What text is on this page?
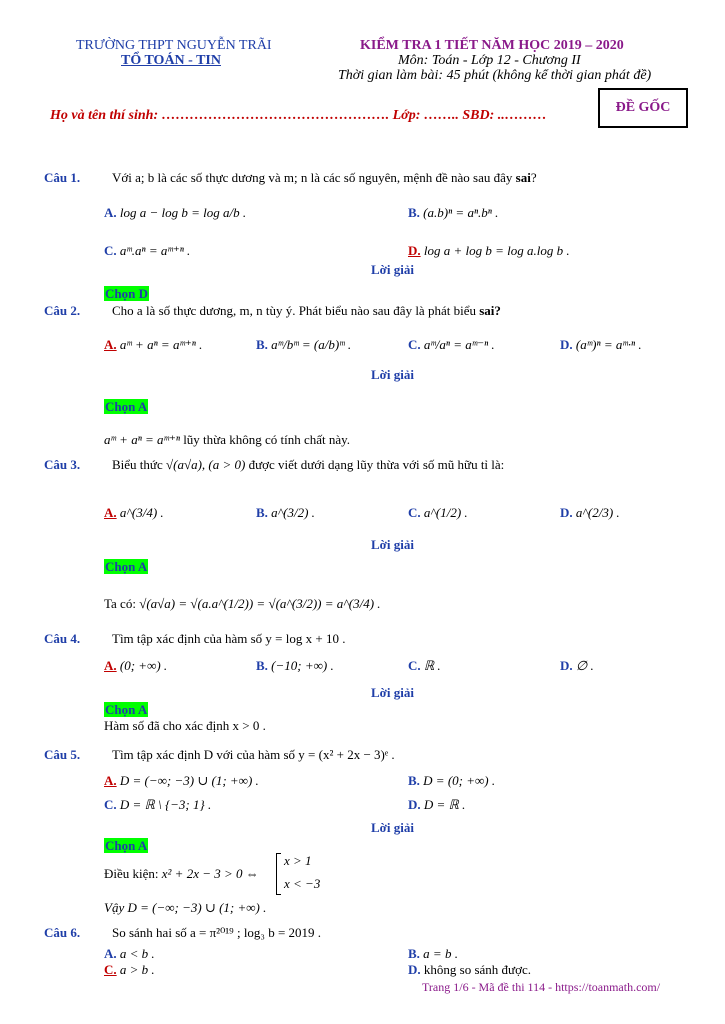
TRƯỜNG THPT NGUYỄN TRÃI
TỔ TOÁN - TIN
KIỂM TRA 1 TIẾT NĂM HỌC 2019 – 2020
Môn: Toán - Lớp 12 - Chương II
Thời gian làm bài: 45 phút (không kể thời gian phát đề)
Họ và tên thí sinh: …………………………………………. Lớp: …….. SBD: ..………
ĐỀ GỐC
Câu 1. Với a; b là các số thực dương và m; n là các số nguyên, mệnh đề nào sau đây sai?
A. log a − log b = log a/b .	B. (a.b)ⁿ = aⁿ.bⁿ .
C. aᵐ.aⁿ = aᵐ⁺ⁿ .	D. log a + log b = log a.log b .
Lời giải
Chọn D
Câu 2. Cho a là số thực dương, m, n tùy ý. Phát biểu nào sau đây là phát biểu sai?
A. aᵐ + aⁿ = aᵐ⁺ⁿ .	B. aᵐ/bᵐ = (a/b)ᵐ .	C. aᵐ/aⁿ = aᵐ⁻ⁿ .	D. (aᵐ)ⁿ = aᵐ·ⁿ .
Lời giải
Chọn A
aᵐ + aⁿ = aᵐ⁺ⁿ lũy thừa không có tính chất này.
Câu 3. Biểu thức √(a√a), (a > 0) được viết dưới dạng lũy thừa với số mũ hữu tỉ là:
A. a^(3/4) .	B. a^(3/2) .	C. a^(1/2) .	D. a^(2/3) .
Lời giải
Chọn A
Ta có: √(a√a) = √(a.a^(1/2)) = √(a^(3/2)) = a^(3/4) .
Câu 4. Tìm tập xác định của hàm số y = log x + 10 .
A. (0; +∞) .	B. (−10; +∞) .	C. ℝ .	D. ∅ .
Lời giải
Chọn A
Hàm số đã cho xác định x > 0 .
Câu 5. Tìm tập xác định D với của hàm số y = (x² + 2x − 3)ᵉ .
A. D = (−∞; −3) ∪ (1; +∞) .	B. D = (0; +∞) .
C. D = ℝ \ {−3; 1} .	D. D = ℝ .
Lời giải
Chọn A
Điều kiện: x² + 2x − 3 > 0 ⇔
x > 1
x < −3
Vậy D = (−∞; −3) ∪ (1; +∞) .
Câu 6. So sánh hai số a = π²⁰¹⁹ ; log₃ b = 2019 .
A. a < b .	B. a = b .
C. a > b .	D. không so sánh được.
Trang 1/6 - Mã đề thi 114 - https://toanmath.com/
